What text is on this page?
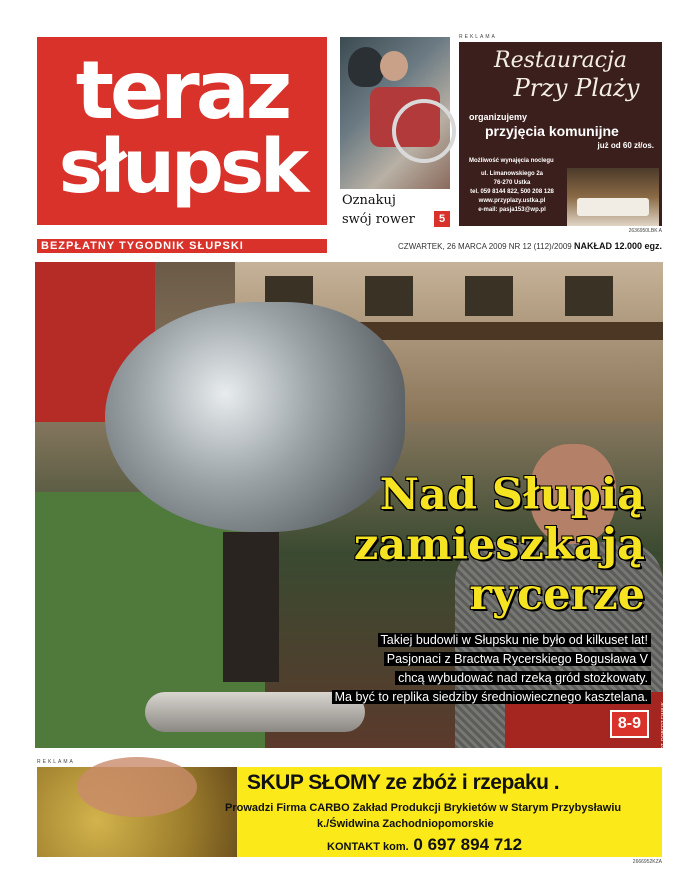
teraz
słupsk	Oznakuj
swój rower	5
REKLAMA
Restauracja
Przy Plaży
organizujemy
przyjęcia komunijne
już od 60 zł/os.
Możliwość wynajęcia noclegu
ul. Limanowskiego 2a
76-270 Ustka
tel. 059 8144 822, 500 208 128
www.przyplazy.ustka.pl
e-mail: pasja153@wp.pl
2636950LBK A
BEZPŁATNY TYGODNIK SŁUPSKI	CZWARTEK, 26 MARCA 2009 NR 12 (112)/2009 NAKŁAD 12.000 egz.
Nad Słupią
zamieszkają
rycerze
Takiej budowli w Słupsku nie było od kilkuset lat!
Pasjonaci z Bractwa Rycerskiego Bogusława V
chcą wybudować nad rzeką gród stożkowaty.
Ma być to replika siedziby średniowiecznego kasztelana.
8-9	FOT. ROBERT FIMIUK
REKLAMA
SKUP SŁOMY ze zbóż i rzepaku .
Prowadzi Firma CARBO Zakład Produkcji Brykietów w Starym Przybysławiu
k./Świdwina Zachodniopomorskie
KONTAKT kom. 0 697 894 712
2666952KZA
